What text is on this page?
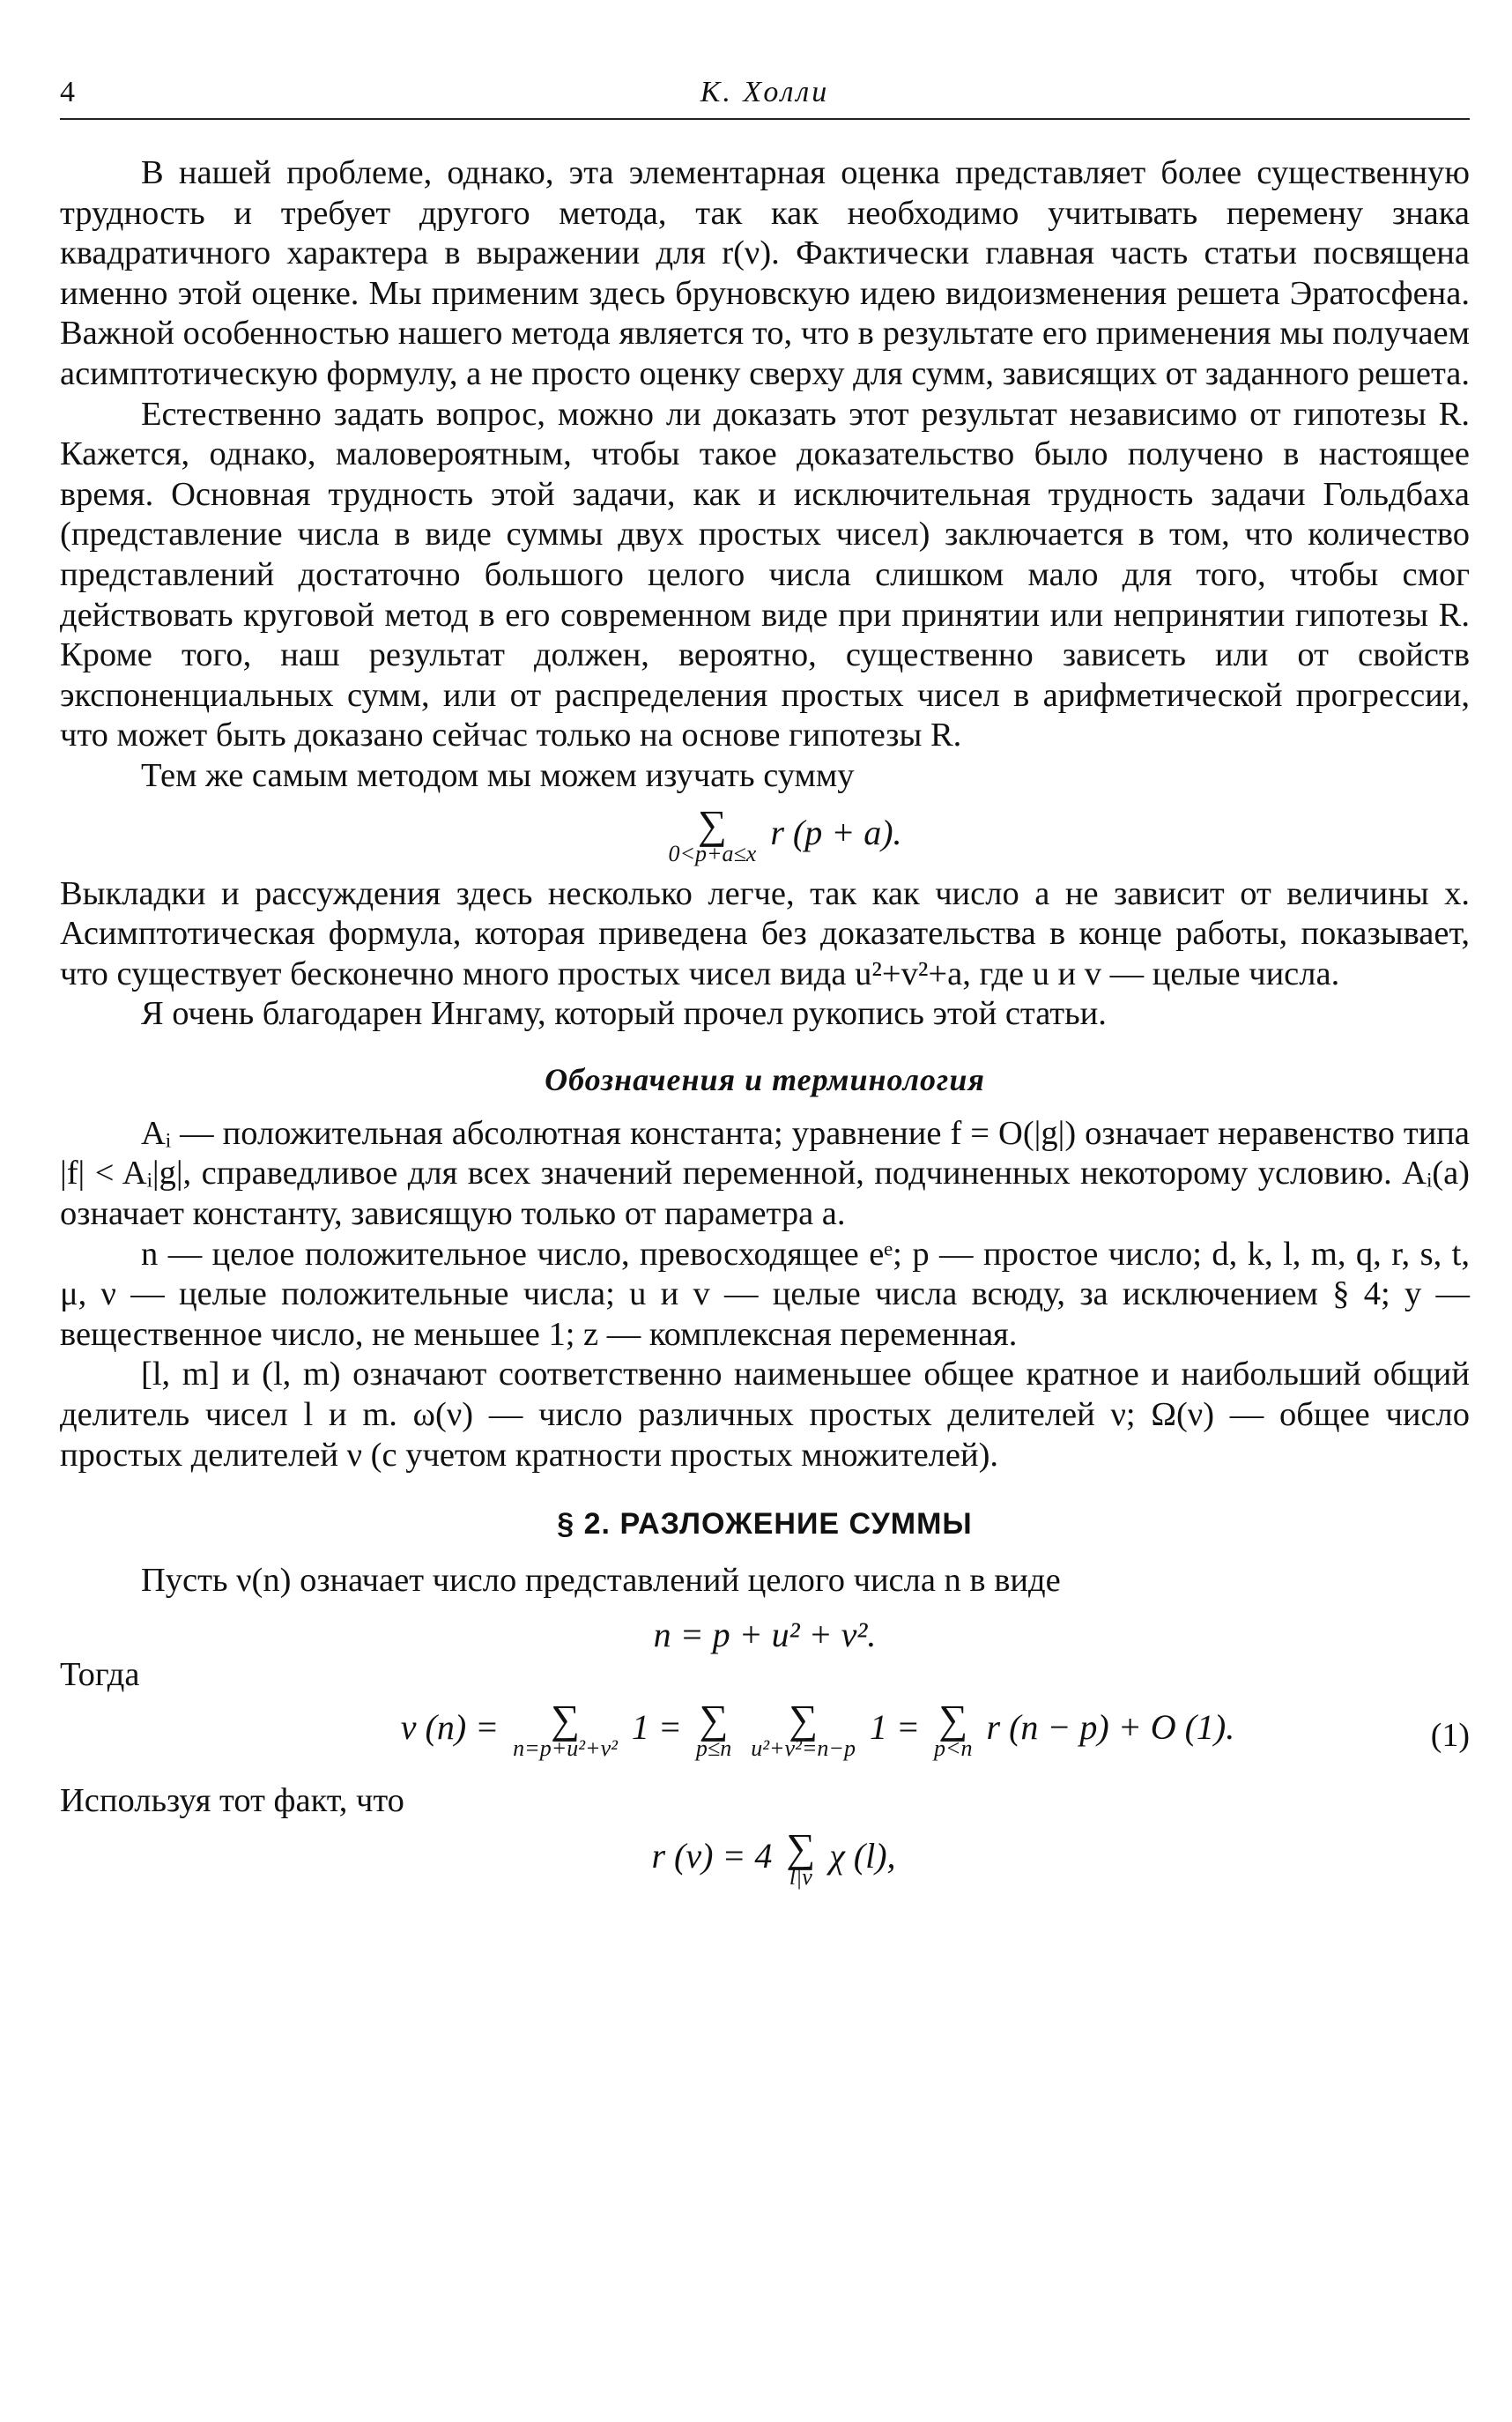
4	К. Холли

В нашей проблеме, однако, эта элементарная оценка представляет более существенную трудность и требует другого метода, так как необходимо учитывать перемену знака квадратичного характера в выражении для r(ν). Фактически главная часть статьи посвящена именно этой оценке. Мы применим здесь бруновскую идею видоизменения решета Эратосфена. Важной особенностью нашего метода является то, что в результате его применения мы получаем асимптотическую формулу, а не просто оценку сверху для сумм, зависящих от заданного решета.

Естественно задать вопрос, можно ли доказать этот результат независимо от гипотезы R. Кажется, однако, маловероятным, чтобы такое доказательство было получено в настоящее время. Основная трудность этой задачи, как и исключительная трудность задачи Гольдбаха (представление числа в виде суммы двух простых чисел) заключается в том, что количество представлений достаточно большого целого числа слишком мало для того, чтобы смог действовать круговой метод в его современном виде при принятии или непринятии гипотезы R. Кроме того, наш результат должен, вероятно, существенно зависеть или от свойств экспоненциальных сумм, или от распределения простых чисел в арифметической прогрессии, что может быть доказано сейчас только на основе гипотезы R.

Тем же самым методом мы можем изучать сумму

∑
0<p+a≤x
r (p + a).

Выкладки и рассуждения здесь несколько легче, так как число a не зависит от величины x. Асимптотическая формула, которая приведена без доказательства в конце работы, показывает, что существует бесконечно много простых чисел вида u²+v²+a, где u и v — целые числа.

Я очень благодарен Ингаму, который прочел рукопись этой статьи.

Обозначения и терминология

Aᵢ — положительная абсолютная константа; уравнение f = O(|g|) означает неравенство типа |f| < Aᵢ|g|, справедливое для всех значений переменной, подчиненных некоторому условию. Aᵢ(a) означает константу, зависящую только от параметра a.

n — целое положительное число, превосходящее eᵉ; p — простое число; d, k, l, m, q, r, s, t, μ, ν — целые положительные числа; u и v — целые числа всюду, за исключением § 4; y — вещественное число, не меньшее 1; z — комплексная переменная.

[l, m] и (l, m) означают соответственно наименьшее общее кратное и наибольший общий делитель чисел l и m. ω(ν) — число различных простых делителей ν; Ω(ν) — общее число простых делителей ν (с учетом кратности простых множителей).

§ 2. РАЗЛОЖЕНИЕ СУММЫ

Пусть ν(n) означает число представлений целого числа n в виде

n = p + u² + v².

Тогда

ν (n) =	∑
n=p+u²+v²
1 = ∑
p≤n

∑
u²+v²=n−p
1 = ∑
p<n
r (n − p) + O (1).	(1)

Используя тот факт, что

r (ν) = 4 ∑
l|ν
χ (l),
